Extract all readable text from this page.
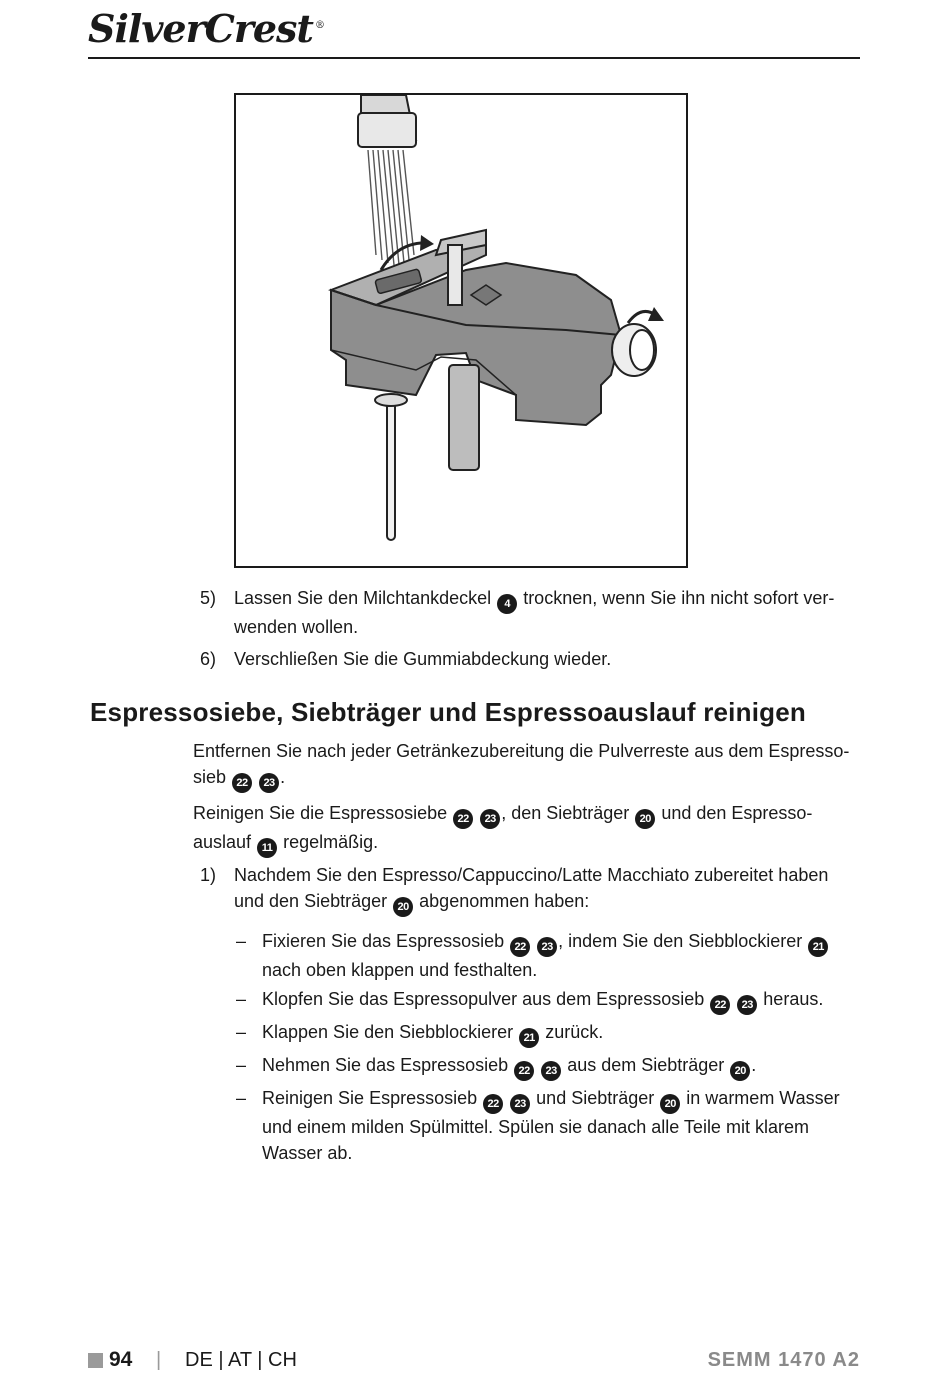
SilverCrest ®
5) Lassen Sie den Milchtankdeckel 4 trocknen, wenn Sie ihn nicht sofort ver-
wenden wollen.
6) Verschließen Sie die Gummiabdeckung wieder.
Espressosiebe, Siebträger und Espressoauslauf reinigen
Entfernen Sie nach jeder Getränkezubereitung die Pulverreste aus dem Espresso-
sieb 22 23 .
Reinigen Sie die Espressosiebe 22 23 , den Siebträger 20 und den Espresso-
auslauf 11 regelmäßig.
1) Nachdem Sie den Espresso/Cappuccino/Latte Macchiato zubereitet haben
und den Siebträger 20 abgenommen haben:
– Fixieren Sie das Espressosieb 22 23 , indem Sie den Siebblockierer 21
nach oben klappen und festhalten.
– Klopfen Sie das Espressopulver aus dem Espressosieb 22 23 heraus.
– Klappen Sie den Siebblockierer 21 zurück.
– Nehmen Sie das Espressosieb 22 23 aus dem Siebträger 20 .
– Reinigen Sie Espressosieb 22 23 und Siebträger 20 in warmem Wasser
und einem milden Spülmittel. Spülen sie danach alle Teile mit klarem
Wasser ab.
94 | DE | AT | CH	SEMM 1470 A2
